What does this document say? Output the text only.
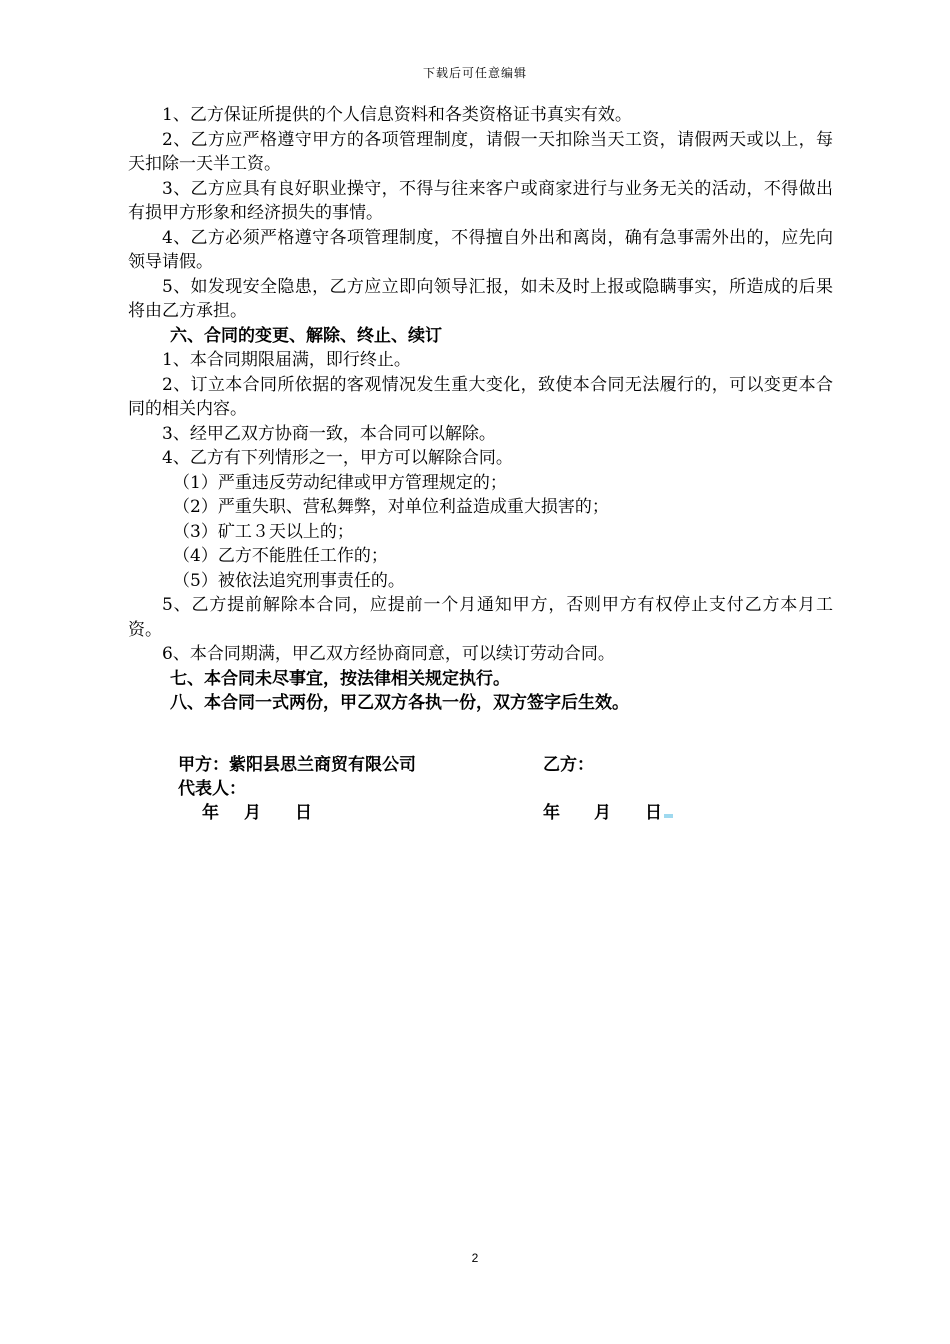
下载后可任意编辑

1、乙方保证所提供的个人信息资料和各类资格证书真实有效。

2、乙方应严格遵守甲方的各项管理制度，请假一天扣除当天工资，请假两天或以上，每天扣除一天半工资。

3、乙方应具有良好职业操守，不得与往来客户或商家进行与业务无关的活动，不得做出有损甲方形象和经济损失的事情。

4、乙方必须严格遵守各项管理制度，不得擅自外出和离岗，确有急事需外出的，应先向领导请假。

5、如发现安全隐患，乙方应立即向领导汇报，如未及时上报或隐瞒事实，所造成的后果将由乙方承担。

六、合同的变更、解除、终止、续订

1、本合同期限届满，即行终止。

2、订立本合同所依据的客观情况发生重大变化，致使本合同无法履行的，可以变更本合同的相关内容。

3、经甲乙双方协商一致，本合同可以解除。

4、乙方有下列情形之一，甲方可以解除合同。

（1）严重违反劳动纪律或甲方管理规定的；

（2）严重失职、营私舞弊，对单位利益造成重大损害的；

（3）矿工３天以上的；

（4）乙方不能胜任工作的；

（5）被依法追究刑事责任的。

5、乙方提前解除本合同，应提前一个月通知甲方，否则甲方有权停止支付乙方本月工资。

6、本合同期满，甲乙双方经协商同意，可以续订劳动合同。

七、本合同未尽事宜，按法律相关规定执行。

八、本合同一式两份，甲乙双方各执一份，双方签字后生效。

甲方：紫阳县思兰商贸有限公司	乙方：
代表人：
年 月 日	年 月 日
2
